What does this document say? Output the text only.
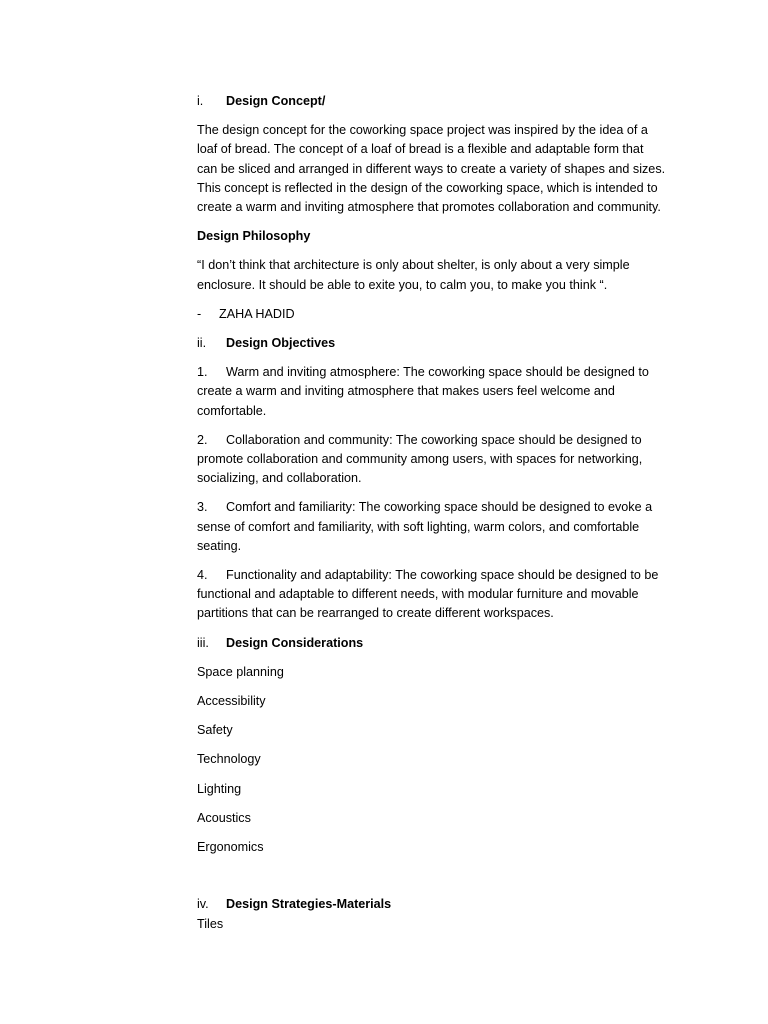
i. Design Concept/
The design concept for the coworking space project was inspired by the idea of a loaf of bread. The concept of a loaf of bread is a flexible and adaptable form that can be sliced and arranged in different ways to create a variety of shapes and sizes. This concept is reflected in the design of the coworking space, which is intended to create a warm and inviting atmosphere that promotes collaboration and community.
Design Philosophy
“I don’t think that architecture is only about shelter, is only about a very simple enclosure. It should be able to exite you, to calm you, to make you think “.
- ZAHA HADID
ii. Design Objectives
1. Warm and inviting atmosphere: The coworking space should be designed to create a warm and inviting atmosphere that makes users feel welcome and comfortable.
2. Collaboration and community: The coworking space should be designed to promote collaboration and community among users, with spaces for networking, socializing, and collaboration.
3. Comfort and familiarity: The coworking space should be designed to evoke a sense of comfort and familiarity, with soft lighting, warm colors, and comfortable seating.
4. Functionality and adaptability: The coworking space should be designed to be functional and adaptable to different needs, with modular furniture and movable partitions that can be rearranged to create different workspaces.
iii. Design Considerations
Space planning
Accessibility
Safety
Technology
Lighting
Acoustics
Ergonomics
iv. Design Strategies-Materials
Tiles
